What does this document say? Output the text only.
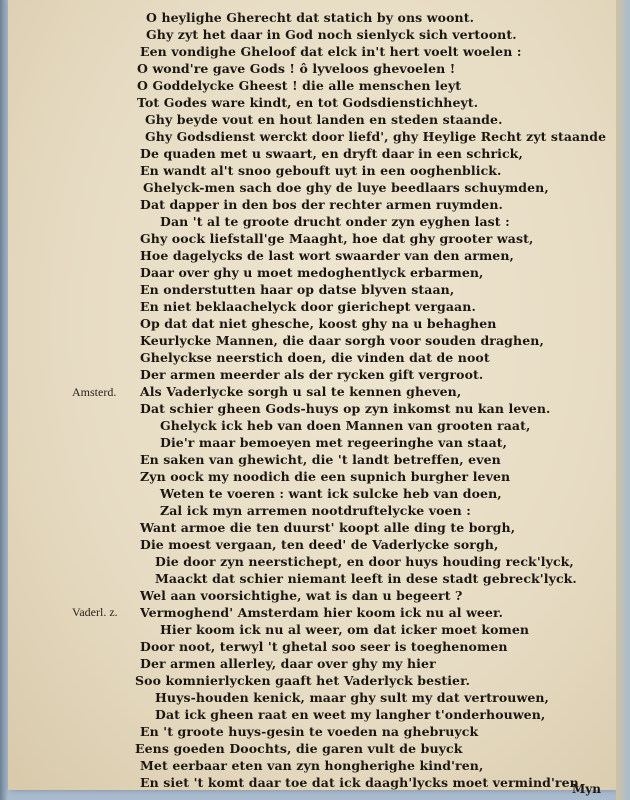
O heylighe Gherecht dat statich by ons woont.
Ghy zyt het daar in God noch sienlyck sich vertoont.
Een vondighe Gheloof dat elck in't hert voelt woelen :
O wond're gave Gods ! ô lyveloos ghevoelen !
O Goddelycke Gheest ! die alle menschen leyt
Tot Godes ware kindt, en tot Godsdienstichheyt.
Ghy beyde vout en hout landen en steden staande.
Ghy Godsdienst werckt door liefd', ghy Heylige Recht zyt staande
De quaden met u swaart, en dryft daar in een schrick,
En wandt al't snoo gebouft uyt in een ooghenblick.
Ghelyck-men sach doe ghy de luye beedlaars schuymden,
Dat dapper in den bos der rechter armen ruymden.
Dan 't al te groote drucht onder zyn eyghen last :
Ghy oock liefstall'ge Maaght, hoe dat ghy grooter wast,
Hoe dagelycks de last wort swaarder van den armen,
Daar over ghy u moet medoghentlyck erbarmen,
En onderstutten haar op datse blyven staan,
En niet beklaachelyck door gierichept vergaan.
Op dat dat niet ghesche, koost ghy na u behaghen
Keurlycke Mannen, die daar sorgh voor souden draghen,
Ghelyckse neerstich doen, die vinden dat de noot
Der armen meerder als der rycken gift vergroot.
Als Vaderlycke sorgh u sal te kennen gheven,
Dat schier gheen Gods-huys op zyn inkomst nu kan leven.
Amsterd.
Ghelyck ick heb van doen Mannen van grooten raat,
Die'r maar bemoeyen met regeeringhe van staat,
En saken van ghewicht, die 't landt betreffen, even
Zyn oock my noodich die een supnich burgher leven
Weten te voeren : want ick sulcke heb van doen,
Zal ick myn arremen nootdruftelycke voen :
Want armoe die ten duurst' koopt alle ding te borgh,
Die moest vergaan, ten deed' de Vaderlycke sorgh,
Die door zyn neerstichept, en door huys houding reck'lyck,
Maackt dat schier niemant leeft in dese stadt gebreck'lyck.
Wel aan voorsichtighe, wat is dan u begeert ?
Vaderl. z. Vermoghend' Amsterdam hier koom ick nu al weer.
Hier koom ick nu al weer, om dat icker moet komen
Door noot, terwyl 't ghetal soo seer is toeghenomen
Der armen allerley, daar over ghy my hier
Soo komnierlycken gaaft het Vaderlyck bestier.
Huys-houden kenick, maar ghy sult my dat vertrouwen,
Dat ick gheen raat en weet my langher t'onderhouwen,
En 't groote huys-gesin te voeden na ghebruyck
Eens goeden Doochts, die garen vult de buyck
Met eerbaar eten van zyn hongherighe kind'ren,
En siet 't komt daar toe dat ick daagh'lycks moet vermind'ren
Myn
